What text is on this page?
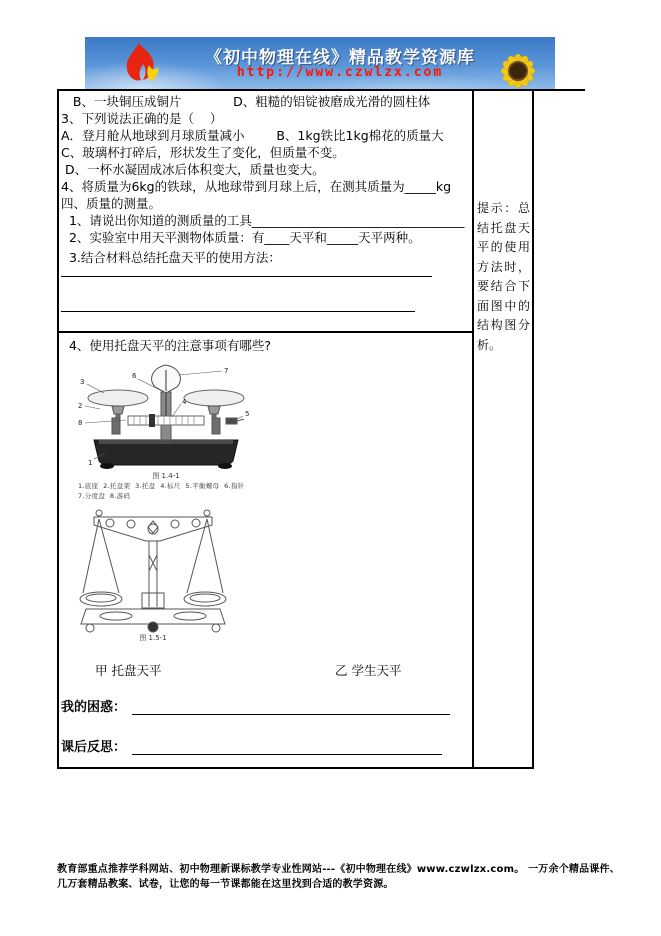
《初中物理在线》精品教学资源库
http://www.czwlzx.com
B、一块铜压成铜片             D、粗糙的铝锭被磨成光滑的圆柱体
3、下列说法正确的是（    ）
A．登月舱从地球到月球质量减小        B、1kg铁比1kg棉花的质量大
C、玻璃杯打碎后，形状发生了变化，但质量不变。
D、一杯水凝固成冰后体积变大，质量也变大。
4、将质量为6kg的铁球，从地球带到月球上后，在测其质量为_____kg
四、质量的测量。
1、请说出你知道的测质量的工具__________________________________
2、实验室中用天平测物体质量：有____天平和_____天平两种。
3.结合材料总结托盘天平的使用方法：
4、使用托盘天平的注意事项有哪些?
提示：总结托盘天平的使用方法时，要结合下面图中的结构图分析。
1
2
3
4
5
6
7
8
图 1.4-1
1.底座  2.托盘架  3.托盘  4.标尺  5.平衡螺母  6.指针
7.分度盘  8.游码
图 1.5-1
甲 托盘天平	乙 学生天平
我的困惑：
课后反思：
教育部重点推荐学科网站、初中物理新课标教学专业性网站---《初中物理在线》www.czwlzx.com。 一万余个精品课件、
几万套精品教案、试卷，让您的每一节课都能在这里找到合适的教学资源。
